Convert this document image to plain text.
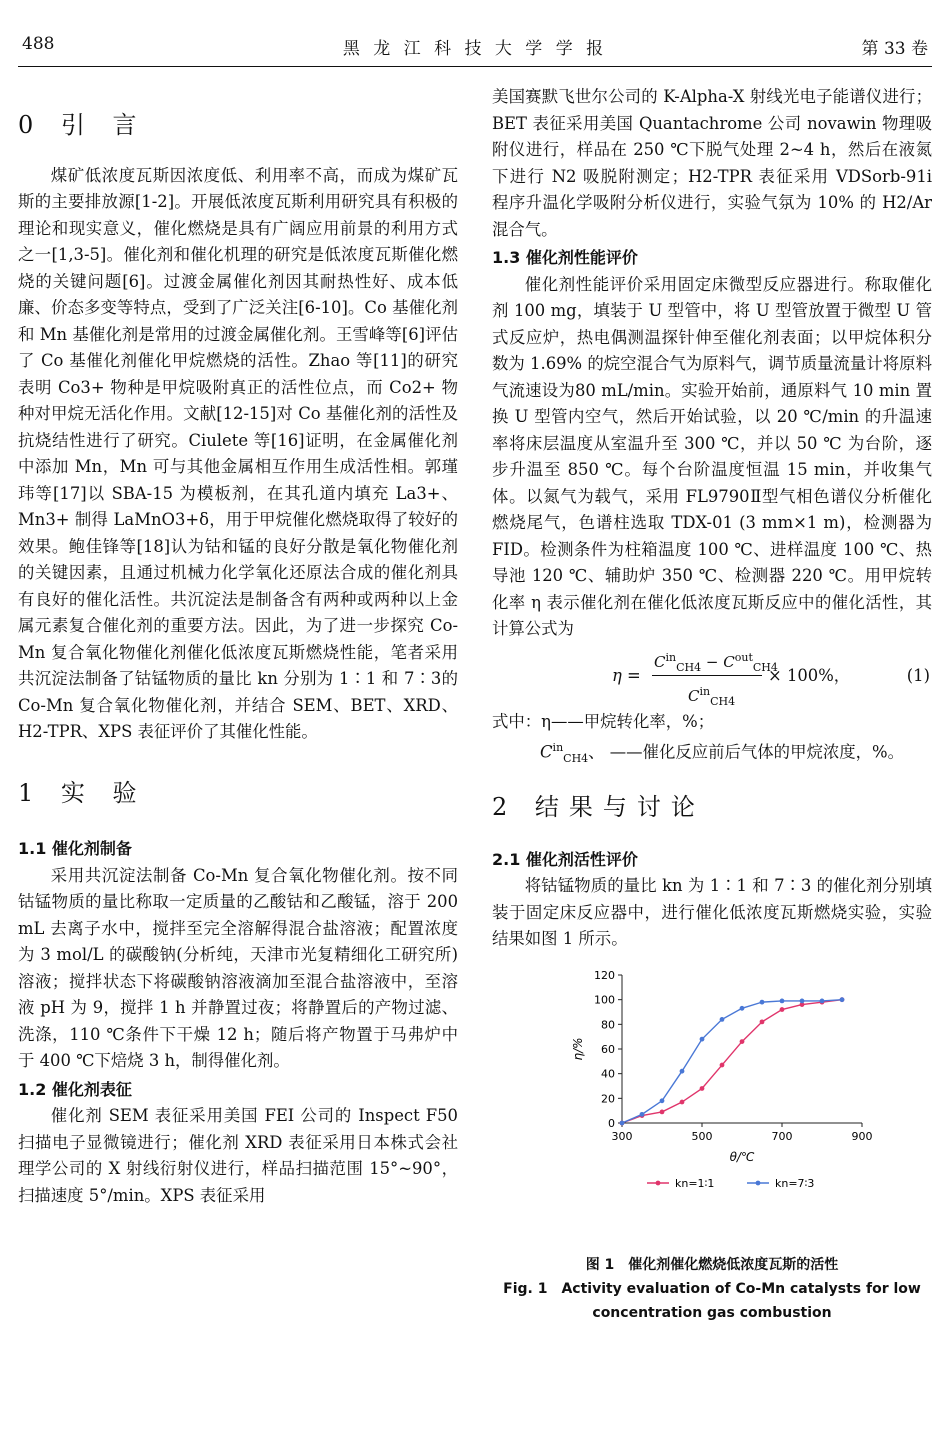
488	黑 龙 江 科 技 大 学 学 报	第 33 卷
0 引 言

煤矿低浓度瓦斯因浓度低、利用率不高，而成为煤矿瓦斯的主要排放源[1-2]。开展低浓度瓦斯利用研究具有积极的理论和现实意义，催化燃烧是具有广阔应用前景的利用方式之一[1,3-5]。催化剂和催化机理的研究是低浓度瓦斯催化燃烧的关键问题[6]。过渡金属催化剂因其耐热性好、成本低廉、价态多变等特点，受到了广泛关注[6-10]。Co 基催化剂和 Mn 基催化剂是常用的过渡金属催化剂。王雪峰等[6]评估了 Co 基催化剂催化甲烷燃烧的活性。Zhao 等[11]的研究表明 Co3+ 物种是甲烷吸附真正的活性位点，而 Co2+ 物种对甲烷无活化作用。文献[12-15]对 Co 基催化剂的活性及抗烧结性进行了研究。Ciulete 等[16]证明，在金属催化剂中添加 Mn，Mn 可与其他金属相互作用生成活性相。郭瑾玮等[17]以 SBA-15 为模板剂，在其孔道内填充 La3+、Mn3+ 制得 LaMnO3+δ，用于甲烷催化燃烧取得了较好的效果。鲍佳锋等[18]认为钴和锰的良好分散是氧化物催化剂的关键因素，且通过机械力化学氧化还原法合成的催化剂具有良好的催化活性。共沉淀法是制备含有两种或两种以上金属元素复合催化剂的重要方法。因此，为了进一步探究 Co-Mn 复合氧化物催化剂催化低浓度瓦斯燃烧性能，笔者采用共沉淀法制备了钴锰物质的量比 kn 分别为 1∶1 和 7∶3的 Co-Mn 复合氧化物催化剂，并结合 SEM、BET、XRD、H2-TPR、XPS 表征评价了其催化性能。

1 实 验
1.1 催化剂制备

采用共沉淀法制备 Co-Mn 复合氧化物催化剂。按不同钴锰物质的量比称取一定质量的乙酸钴和乙酸锰，溶于 200 mL 去离子水中，搅拌至完全溶解得混合盐溶液；配置浓度为 3 mol/L 的碳酸钠(分析纯，天津市光复精细化工研究所)溶液；搅拌状态下将碳酸钠溶液滴加至混合盐溶液中，至溶液 pH 为 9，搅拌 1 h 并静置过夜；将静置后的产物过滤、洗涤，110 ℃条件下干燥 12 h；随后将产物置于马弗炉中于 400 ℃下焙烧 3 h，制得催化剂。

1.2 催化剂表征

催化剂 SEM 表征采用美国 FEI 公司的 Inspect F50 扫描电子显微镜进行；催化剂 XRD 表征采用日本株式会社理学公司的 X 射线衍射仪进行，样品扫描范围 15°~90°，扫描速度 5°/min。XPS 表征采用

美国赛默飞世尔公司的 K-Alpha-X 射线光电子能谱仪进行；BET 表征采用美国 Quantachrome 公司 novawin 物理吸附仪进行，样品在 250 ℃下脱气处理 2~4 h，然后在液氮下进行 N2 吸脱附测定；H2-TPR 表征采用 VDSorb-91i 程序升温化学吸附分析仪进行，实验气氛为 10% 的 H2/Ar 混合气。

1.3 催化剂性能评价

催化剂性能评价采用固定床微型反应器进行。称取催化剂 100 mg，填装于 U 型管中，将 U 型管放置于微型 U 管式反应炉，热电偶测温探针伸至催化剂表面；以甲烷体积分数为 1.69% 的烷空混合气为原料气，调节质量流量计将原料气流速设为80 mL/min。实验开始前，通原料气 10 min 置换 U 型管内空气，然后开始试验，以 20 ℃/min 的升温速率将床层温度从室温升至 300 ℃，并以 50 ℃ 为台阶，逐步升温至 850 ℃。每个台阶温度恒温 15 min，并收集气体。以氮气为载气，采用 FL9790Ⅱ型气相色谱仪分析催化燃烧尾气，色谱柱选取 TDX-01 (3 mm×1 m)，检测器为 FID。检测条件为柱箱温度 100 ℃、进样温度 100 ℃、热导池 120 ℃、辅助炉 350 ℃、检测器 220 ℃。用甲烷转化率 η 表示催化剂在催化低浓度瓦斯反应中的催化活性，其计算公式为

η =
$C^{in}_{CH4} - C^{out}_{CH4}$
$C^{in}_{CH4}$
× 100%，	(1)
式中：η——甲烷转化率，%；
$C^{in}_{CH4}$、 ——催化反应前后气体的甲烷浓度，%。
2 结果与讨论
2.1 催化剂活性评价

将钴锰物质的量比 kn 为 1∶1 和 7∶3 的催化剂分别填装于固定床反应器中，进行催化低浓度瓦斯燃烧实验，实验结果如图 1 所示。

0
20
40
60
80
100
120
300	500	700	900
θ/℃
η/%
kn=1∶1	kn=7∶3
图 1　催化剂催化燃烧低浓度瓦斯的活性
Fig. 1　Activity evaluation of Co-Mn catalysts for low
concentration gas combustion
